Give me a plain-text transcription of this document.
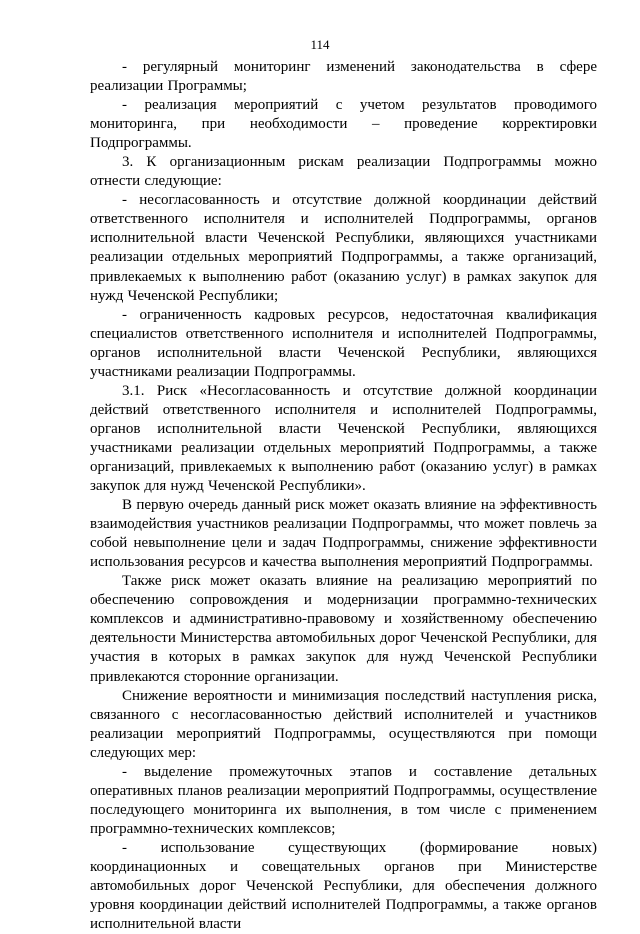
114

- регулярный мониторинг изменений законодательства в сфере реализации Программы;

- реализация мероприятий с учетом результатов проводимого мониторинга, при необходимости – проведение корректировки Подпрограммы.

3. К организационным рискам реализации Подпрограммы можно отнести следующие:

- несогласованность и отсутствие должной координации действий ответственного исполнителя и исполнителей Подпрограммы, органов исполнительной власти Чеченской Республики, являющихся участниками реализации отдельных мероприятий Подпрограммы, а также организаций, привлекаемых к выполнению работ (оказанию услуг) в рамках закупок для нужд Чеченской Республики;

- ограниченность кадровых ресурсов, недостаточная квалификация специалистов ответственного исполнителя и исполнителей Подпрограммы, органов исполнительной власти Чеченской Республики, являющихся участниками реализации Подпрограммы.

3.1. Риск «Несогласованность и отсутствие должной координации действий ответственного исполнителя и исполнителей Подпрограммы, органов исполнительной власти Чеченской Республики, являющихся участниками реализации отдельных мероприятий Подпрограммы, а также организаций, привлекаемых к выполнению работ (оказанию услуг) в рамках закупок для нужд Чеченской Республики».

В первую очередь данный риск может оказать влияние на эффективность взаимодействия участников реализации Подпрограммы, что может повлечь за собой невыполнение цели и задач Подпрограммы, снижение эффективности использования ресурсов и качества выполнения мероприятий Подпрограммы.

Также риск может оказать влияние на реализацию мероприятий по обеспечению сопровождения и модернизации программно-технических комплексов и административно-правовому и хозяйственному обеспечению деятельности Министерства автомобильных дорог Чеченской Республики, для участия в которых в рамках закупок для нужд Чеченской Республики привлекаются сторонние организации.

Снижение вероятности и минимизация последствий наступления риска, связанного с несогласованностью действий исполнителей и участников реализации мероприятий Подпрограммы, осуществляются при помощи следующих мер:

- выделение промежуточных этапов и составление детальных оперативных планов реализации мероприятий Подпрограммы, осуществление последующего мониторинга их выполнения, в том числе с применением программно-технических комплексов;

- использование существующих (формирование новых) координационных и совещательных органов при Министерстве автомобильных дорог Чеченской Республики, для обеспечения должного уровня координации действий исполнителей Подпрограммы, а также органов исполнительной власти
